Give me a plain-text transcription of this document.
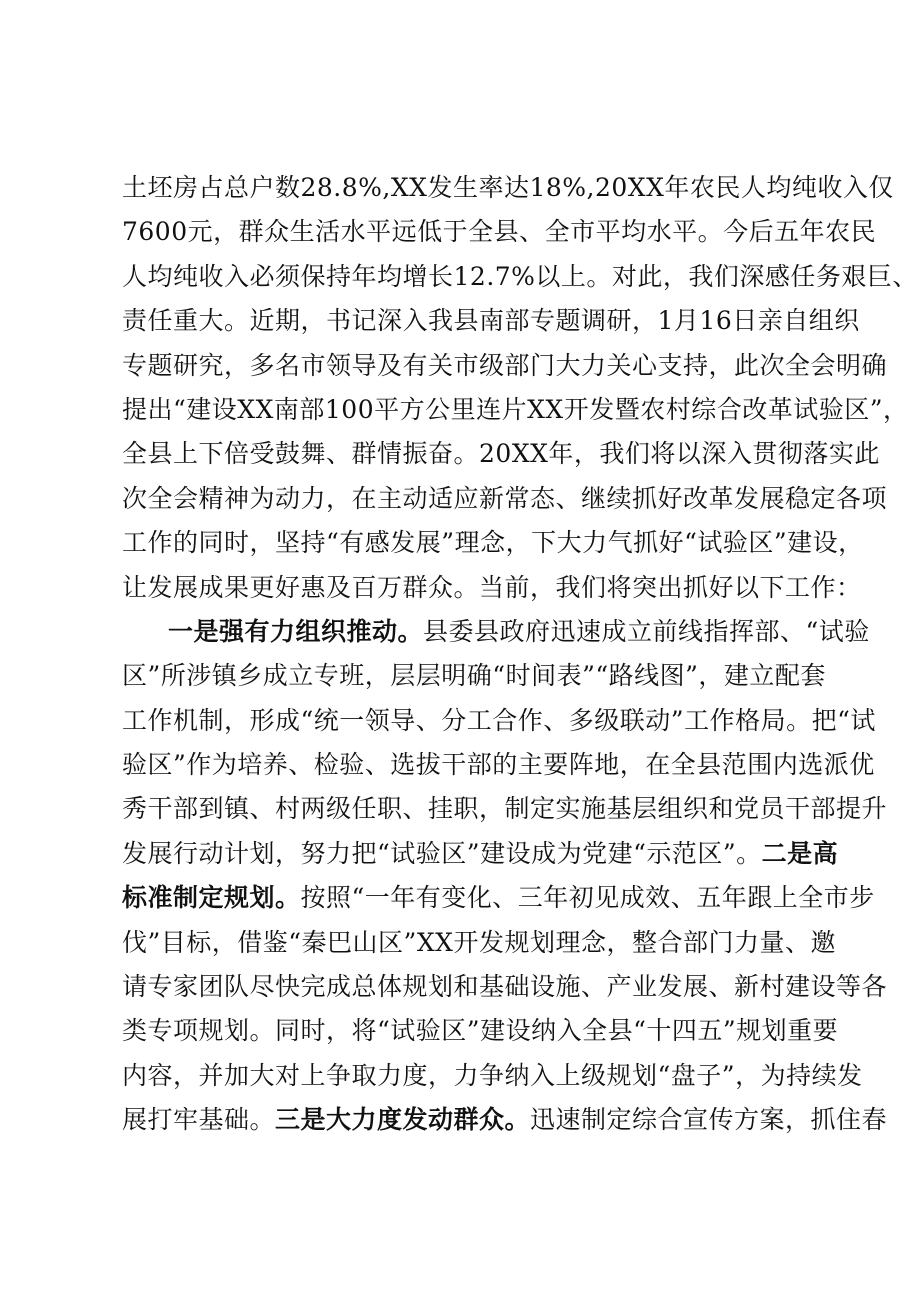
土坯房占总户数28.8%,XX发生率达18%,20XX年农民人均纯收入仅
7600元，群众生活水平远低于全县、全市平均水平。今后五年农民
人均纯收入必须保持年均增长12.7%以上。对此，我们深感任务艰巨、
责任重大。近期，书记深入我县南部专题调研，1月16日亲自组织
专题研究，多名市领导及有关市级部门大力关心支持，此次全会明确
提出“建设XX南部100平方公里连片XX开发暨农村综合改革试验区”，
全县上下倍受鼓舞、群情振奋。20XX年，我们将以深入贯彻落实此
次全会精神为动力，在主动适应新常态、继续抓好改革发展稳定各项
工作的同时，坚持“有感发展”理念，下大力气抓好“试验区”建设，
让发展成果更好惠及百万群众。当前，我们将突出抓好以下工作：
一是强有力组织推动。县委县政府迅速成立前线指挥部、“试验
区”所涉镇乡成立专班，层层明确“时间表”“路线图”，建立配套
工作机制，形成“统一领导、分工合作、多级联动”工作格局。把“试
验区”作为培养、检验、选拔干部的主要阵地，在全县范围内选派优
秀干部到镇、村两级任职、挂职，制定实施基层组织和党员干部提升
发展行动计划，努力把“试验区”建设成为党建“示范区”。二是高
标准制定规划。按照“一年有变化、三年初见成效、五年跟上全市步
伐”目标，借鉴“秦巴山区”XX开发规划理念，整合部门力量、邀
请专家团队尽快完成总体规划和基础设施、产业发展、新村建设等各
类专项规划。同时，将“试验区”建设纳入全县“十四五”规划重要
内容，并加大对上争取力度，力争纳入上级规划“盘子”，为持续发
展打牢基础。三是大力度发动群众。迅速制定综合宣传方案，抓住春
